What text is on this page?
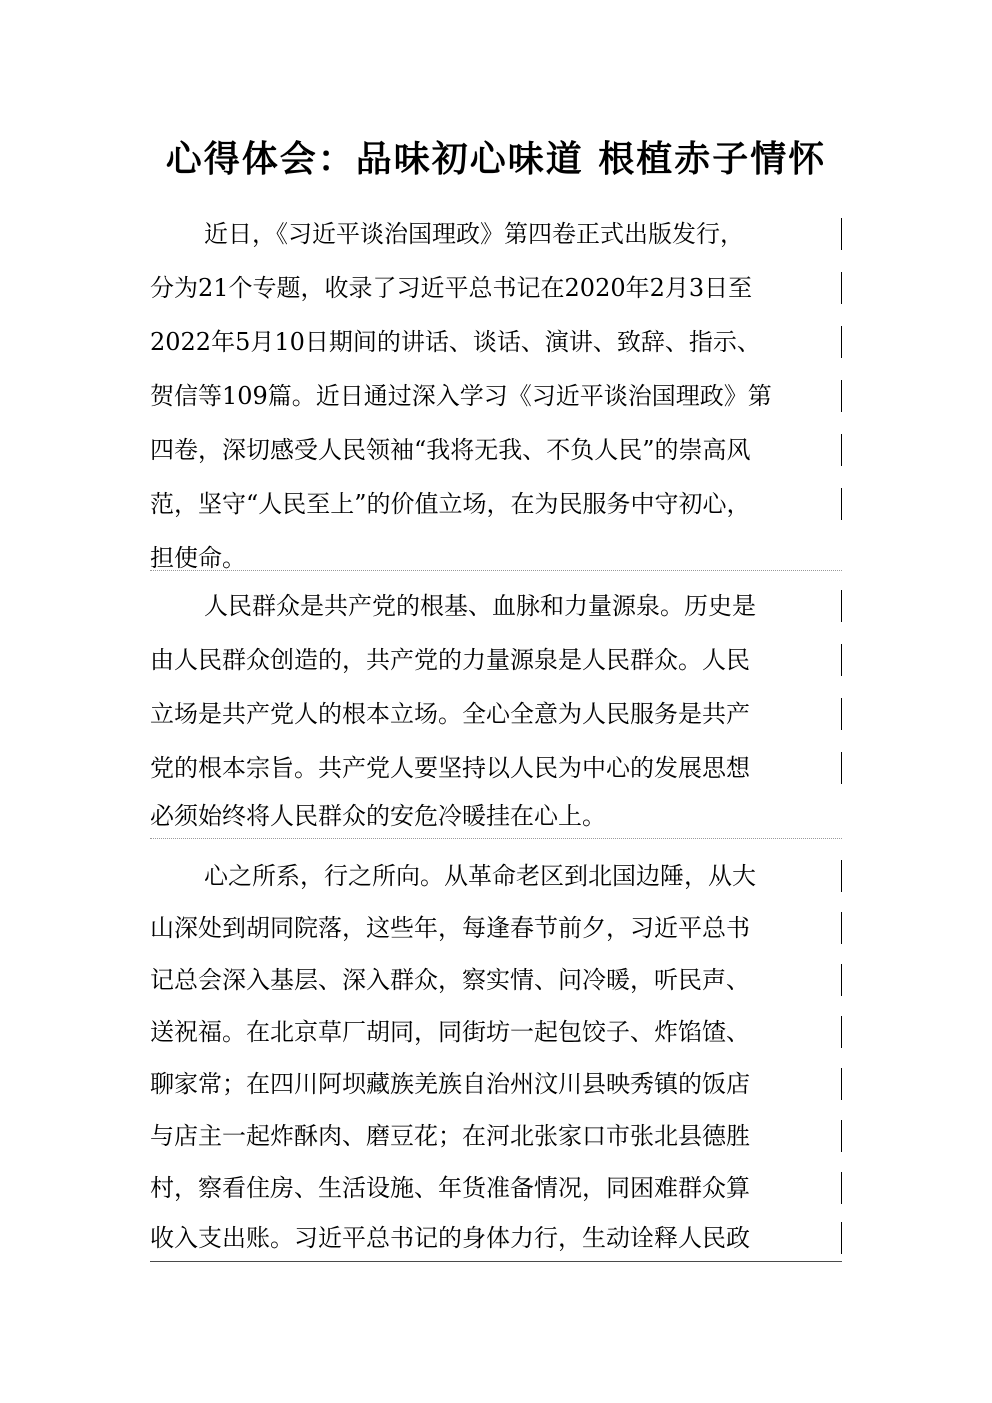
心得体会：品味初心味道 根植赤子情怀
近日，《习近平谈治国理政》第四卷正式出版发行，
分为21个专题，收录了习近平总书记在2020年2月3日至
2022年5月10日期间的讲话、谈话、演讲、致辞、指示、
贺信等109篇。近日通过深入学习《习近平谈治国理政》第
四卷，深切感受人民领袖“我将无我、不负人民”的崇高风
范，坚守“人民至上”的价值立场，在为民服务中守初心，
担使命。
人民群众是共产党的根基、血脉和力量源泉。历史是
由人民群众创造的，共产党的力量源泉是人民群众。人民
立场是共产党人的根本立场。全心全意为人民服务是共产
党的根本宗旨。共产党人要坚持以人民为中心的发展思想
必须始终将人民群众的安危冷暖挂在心上。
心之所系，行之所向。从革命老区到北国边陲，从大
山深处到胡同院落，这些年，每逢春节前夕，习近平总书
记总会深入基层、深入群众，察实情、问冷暖，听民声、
送祝福。在北京草厂胡同，同街坊一起包饺子、炸馅馇、
聊家常；在四川阿坝藏族羌族自治州汶川县映秀镇的饭店
与店主一起炸酥肉、磨豆花；在河北张家口市张北县德胜
村，察看住房、生活设施、年货准备情况，同困难群众算
收入支出账。习近平总书记的身体力行，生动诠释人民政
